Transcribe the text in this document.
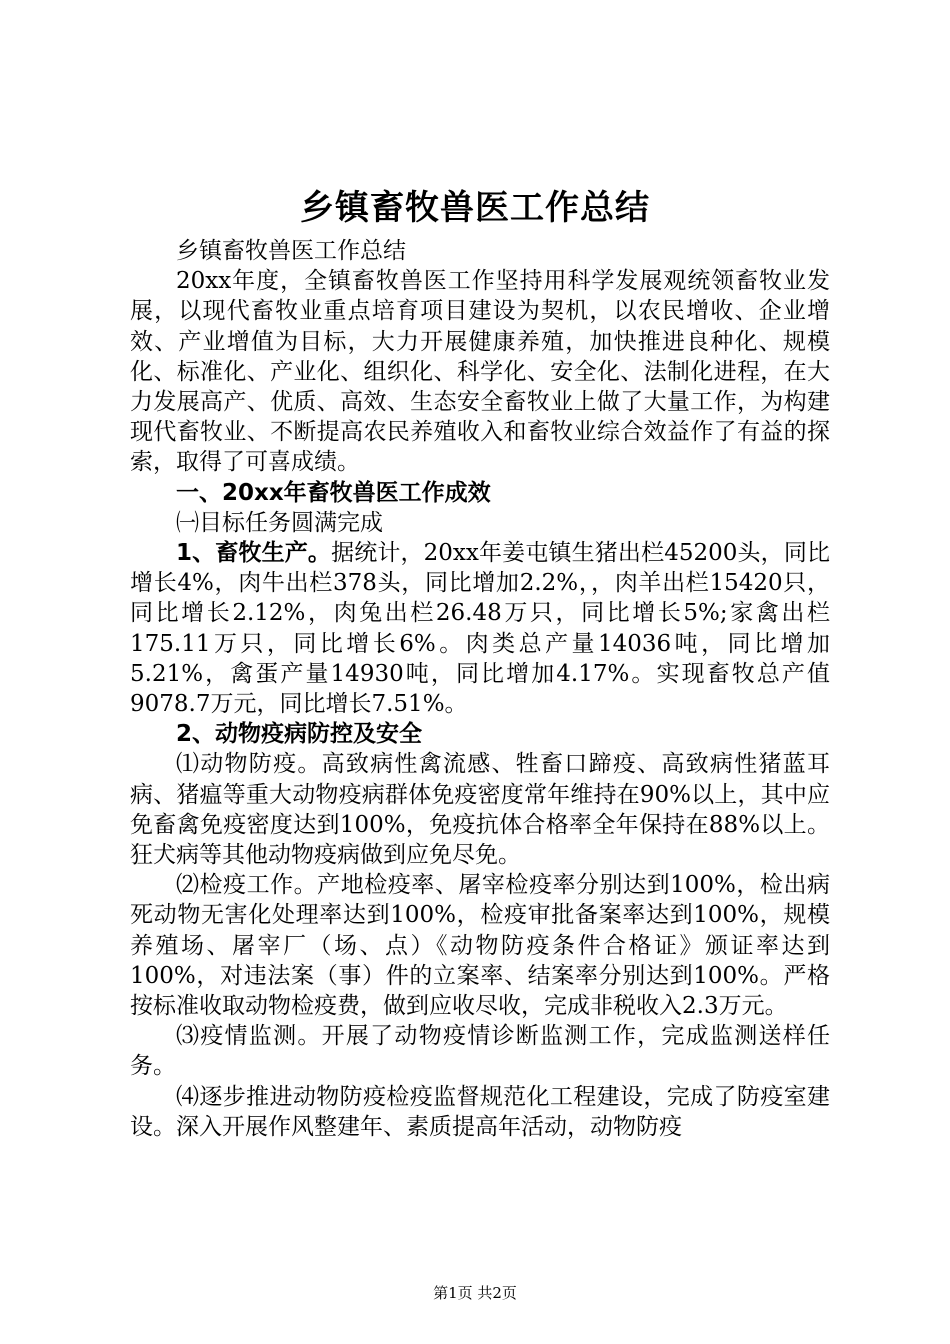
乡镇畜牧兽医工作总结

乡镇畜牧兽医工作总结

20xx年度，全镇畜牧兽医工作坚持用科学发展观统领畜牧业发展，以现代畜牧业重点培育项目建设为契机，以农民增收、企业增效、产业增值为目标，大力开展健康养殖，加快推进良种化、规模化、标准化、产业化、组织化、科学化、安全化、法制化进程，在大力发展高产、优质、高效、生态安全畜牧业上做了大量工作，为构建现代畜牧业、不断提高农民养殖收入和畜牧业综合效益作了有益的探索，取得了可喜成绩。

一、20xx年畜牧兽医工作成效

㈠目标任务圆满完成

1、畜牧生产。据统计，20xx年姜屯镇生猪出栏45200头，同比增长4%，肉牛出栏378头，同比增加2.2%，，肉羊出栏15420只，同比增长2.12%，肉兔出栏26.48万只，同比增长5%;家禽出栏175.11万只，同比增长6%。肉类总产量14036吨，同比增加5.21%，禽蛋产量14930吨，同比增加4.17%。实现畜牧总产值9078.7万元，同比增长7.51%。

2、动物疫病防控及安全

⑴动物防疫。高致病性禽流感、牲畜口蹄疫、高致病性猪蓝耳病、猪瘟等重大动物疫病群体免疫密度常年维持在90%以上，其中应免畜禽免疫密度达到100%，免疫抗体合格率全年保持在88%以上。狂犬病等其他动物疫病做到应免尽免。

⑵检疫工作。产地检疫率、屠宰检疫率分别达到100%，检出病死动物无害化处理率达到100%，检疫审批备案率达到100%，规模养殖场、屠宰厂（场、点）《动物防疫条件合格证》颁证率达到100%，对违法案（事）件的立案率、结案率分别达到100%。严格按标准收取动物检疫费，做到应收尽收，完成非税收入2.3万元。

⑶疫情监测。开展了动物疫情诊断监测工作，完成监测送样任务。

⑷逐步推进动物防疫检疫监督规范化工程建设，完成了防疫室建设。深入开展作风整建年、素质提高年活动，动物防疫

第1页 共2页
